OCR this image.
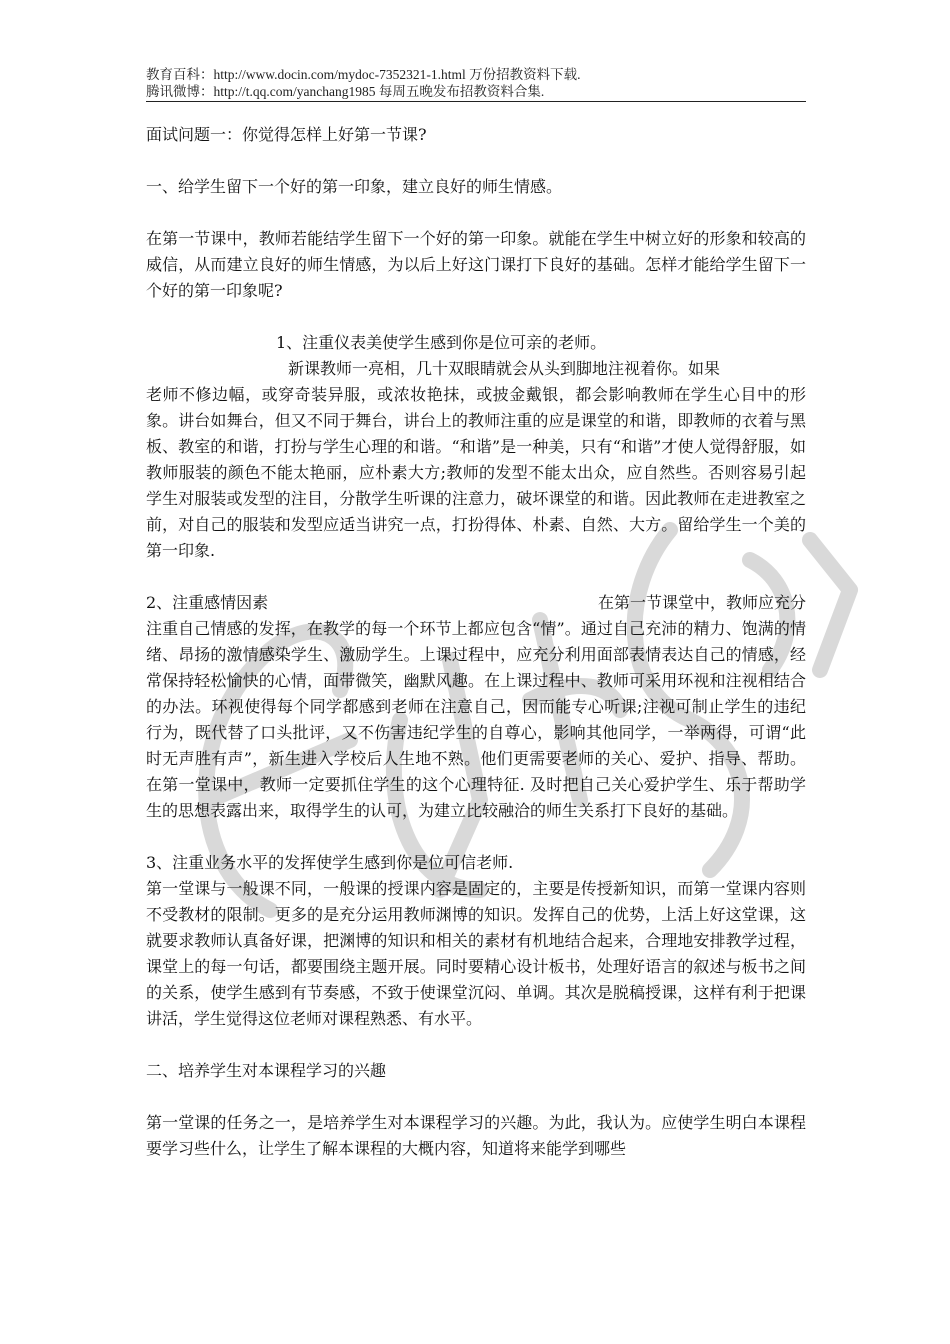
教育百科：http://www.docin.com/mydoc-7352321-1.html 万份招教资料下载.
腾讯微博：http://t.qq.com/yanchang1985 每周五晚发布招教资料合集.

面试问题一：你觉得怎样上好第一节课?

一、给学生留下一个好的第一印象，建立良好的师生情感。

在第一节课中，教师若能结学生留下一个好的第一印象。就能在学生中树立好的形象和较高的威信，从而建立良好的师生情感，为以后上好这门课打下良好的基础。怎样才能给学生留下一个好的第一印象呢?

1、注重仪表美使学生感到你是位可亲的老师。

新课教师一亮相，几十双眼睛就会从头到脚地注视着你。如果

老师不修边幅，或穿奇装异服，或浓妆艳抹，或披金戴银，都会影响教师在学生心目中的形象。讲台如舞台，但又不同于舞台，讲台上的教师注重的应是课堂的和谐，即教师的衣着与黑板、教室的和谐，打扮与学生心理的和谐。“和谐”是一种美，只有“和谐”才使人觉得舒服，如教师服装的颜色不能太艳丽，应朴素大方;教师的发型不能太出众，应自然些。否则容易引起学生对服装或发型的注目，分散学生听课的注意力，破坏课堂的和谐。因此教师在走进教室之前，对自己的服装和发型应适当讲究一点，打扮得体、朴素、自然、大方。留给学生一个美的第一印象.

2、注重感情因素	在第一节课堂中，教师应充分

注重自己情感的发挥，在教学的每一个环节上都应包含“情”。通过自己充沛的精力、饱满的情绪、昂扬的激情感染学生、激励学生。上课过程中，应充分利用面部表情表达自己的情感，经常保持轻松愉快的心情，面带微笑，幽默风趣。在上课过程中、教师可采用环视和注视相结合的办法。环视使得每个同学都感到老师在注意自己，因而能专心听课;注视可制止学生的违纪行为，既代替了口头批评，又不伤害违纪学生的自尊心，影响其他同学，一举两得，可谓“此时无声胜有声”，新生进入学校后人生地不熟。他们更需要老师的关心、爱护、指导、帮助。在第一堂课中，教师一定要抓住学生的这个心理特征. 及时把自己关心爱护学生、乐于帮助学生的思想表露出来，取得学生的认可，为建立比较融洽的师生关系打下良好的基础。

3、注重业务水平的发挥使学生感到你是位可信老师.

第一堂课与一般课不同，一般课的授课内容是固定的，主要是传授新知识，而第一堂课内容则不受教材的限制。更多的是充分运用教师渊博的知识。发挥自己的优势，上活上好这堂课，这就要求教师认真备好课，把渊博的知识和相关的素材有机地结合起来，合理地安排教学过程，课堂上的每一句话，都要围绕主题开展。同时要精心设计板书，处理好语言的叙述与板书之间的关系，使学生感到有节奏感，不致于使课堂沉闷、单调。其次是脱稿授课，这样有利于把课讲活，学生觉得这位老师对课程熟悉、有水平。

二、培养学生对本课程学习的兴趣

第一堂课的任务之一，是培养学生对本课程学习的兴趣。为此，我认为。应使学生明白本课程要学习些什么，让学生了解本课程的大概内容，知道将来能学到哪些
